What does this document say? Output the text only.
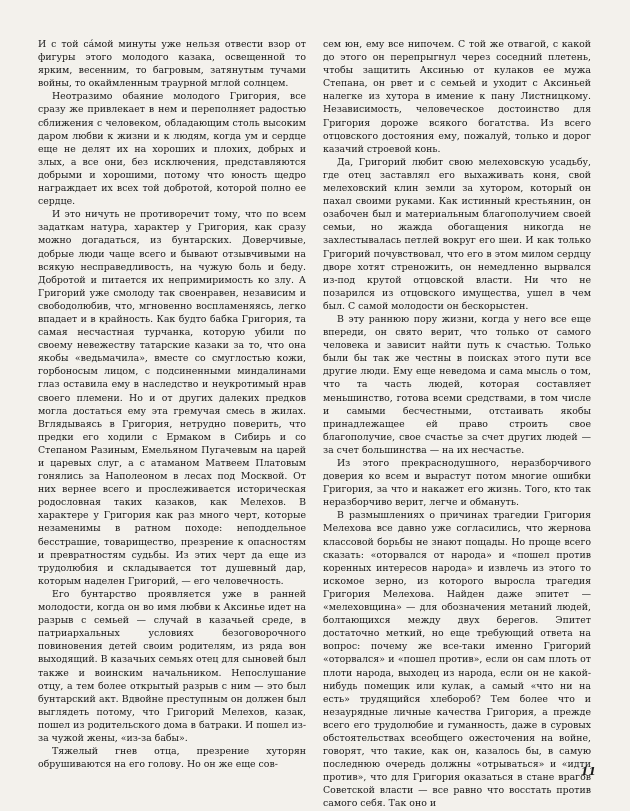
И с той са́мой минуты уже нельзя отвести взор от фигуры этого молодого казака, освещенной то ярким, весенним, то багровым, затянутым тучами войны, то окаймленным траурной мглой солнцем.

Неотразимо обаяние молодого Григория, все сразу же привлекает в нем и переполняет радостью сближения с человеком, обладающим столь высоким даром любви к жизни и к людям, когда ум и сердце еще не делят их на хороших и плохих, добрых и злых, а все они, без исключения, представляются добрыми и хорошими, потому что юность щедро награждает их всех той добротой, которой полно ее сердце.

И это ничуть не противоречит тому, что по всем задаткам натура, характер у Григория, как сразу можно догадаться, из бунтарских. Доверчивые, добрые люди чаще всего и бывают отзывчивыми на всякую несправедливость, на чужую боль и беду. Добротой и питается их непримиримость ко злу. А Григорий уже смолоду так своенравен, независим и свободолюбив, что, мгновенно воспламеняясь, легко впадает и в крайность. Как будто бабка Григория, та самая несчастная турчанка, которую убили по своему невежеству татарские казаки за то, что она якобы «ведьмачила», вместе со смуглостью кожи, горбоносым лицом, с подсиненными миндалинами глаз оставила ему в наследство и неукротимый нрав своего племени. Но и от других далеких предков могла достаться ему эта гремучая смесь в жилах. Вглядываясь в Григория, нетрудно поверить, что предки его ходили с Ермаком в Сибирь и со Степаном Разиным, Емельяном Пугачевым на царей и царевых слуг, а с атаманом Матвеем Платовым гонялись за Наполеоном в лесах под Москвой. От них вернее всего и прослеживается историческая родословная таких казаков, как Мелехов. В характере у Григория как раз много черт, которые незаменимы в ратном походе: неподдельное бесстрашие, товарищество, презрение к опасностям и превратностям судьбы. Из этих черт да еще из трудолюбия и складывается тот душевный дар, которым наделен Григорий, — его человечность.

Его бунтарство проявляется уже в ранней молодости, когда он во имя любви к Аксинье идет на разрыв с семьей — случай в казачьей среде, в патриархальных условиях безоговорочного повиновения детей своим родителям, из ряда вон выходящий. В казачьих семьях отец для сыновей был также и воинским начальником. Непослушание отцу, а тем более открытый разрыв с ним — это был бунтарский акт. Вдвойне преступным он должен был выглядеть потому, что Григорий Мелехов, казак, пошел из родительского дома в батраки. И пошел из-за чужой жены, «из-за бабы».

Тяжелый гнев отца, презрение хуторян обрушиваются на его голову. Но он же еще сов-

сем юн, ему все нипочем. С той же отвагой, с какой до этого он перепрыгнул через соседний плетень, чтобы защитить Аксинью от кулаков ее мужа Степана, он рвет и с семьей и уходит с Аксиньей налегке из хутора в имение к пану Листницкому. Независимость, человеческое достоинство для Григория дороже всякого богатства. Из всего отцовского достояния ему, пожалуй, только и дорог казачий строевой конь.

Да, Григорий любит свою мелеховскую усадьбу, где отец заставлял его выхаживать коня, свой мелеховский клин земли за хутором, который он пахал своими руками. Как истинный крестьянин, он озабочен был и материальным благополучием своей семьи, но жажда обогащения никогда не захлестывалась петлей вокруг его шеи. И как только Григорий почувствовал, что его в этом милом сердцу дворе хотят стреножить, он немедленно вырвался из-под крутой отцовской власти. Ни что не позарился из отцовского имущества, ушел в чем был. С самой молодости он бескорыстен.

В эту раннюю пору жизни, когда у него все еще впереди, он свято верит, что только от самого человека и зависит найти путь к счастью. Только были бы так же честны в поисках этого пути все другие люди. Ему еще неведома и сама мысль о том, что та часть людей, которая составляет меньшинство, готова всеми средствами, в том числе и самыми бесчестными, отстаивать якобы принадлежащее ей право строить свое благополучие, свое счастье за счет других людей — за счет большинства — на их несчастье.

Из этого прекраснодушного, неразборчивого доверия ко всем и вырастут потом многие ошибки Григория, за что и накажет его жизнь. Того, кто так неразборчиво верит, легче и обмануть.

В размышлениях о причинах трагедии Григория Мелехова все давно уже согласились, что жернова классовой борьбы не знают пощады. Но проще всего сказать: «оторвался от народа» и «пошел против коренных интересов народа» и извлечь из этого то искомое зерно, из которого выросла трагедия Григория Мелехова. Найден даже эпитет — «мелеховщина» — для обозначения метаний людей, болтающихся между двух берегов. Эпитет достаточно меткий, но еще требующий ответа на вопрос: почему же все-таки именно Григорий «оторвался» и «пошел против», если он сам плоть от плоти народа, выходец из народа, если он не какой-нибудь помещик или кулак, а самый «что ни на есть» трудящийся хлебороб? Тем более что и незаурядные личные качества Григория, а прежде всего его трудолюбие и гуманность, даже в суровых обстоятельствах всеобщего ожесточения на войне, говорят, что такие, как он, казалось бы, в самую последнюю очередь должны «отрываться» и «идти против», что для Григория оказаться в стане врагов Советской власти — все равно что восстать против самого себя. Так оно и

11
